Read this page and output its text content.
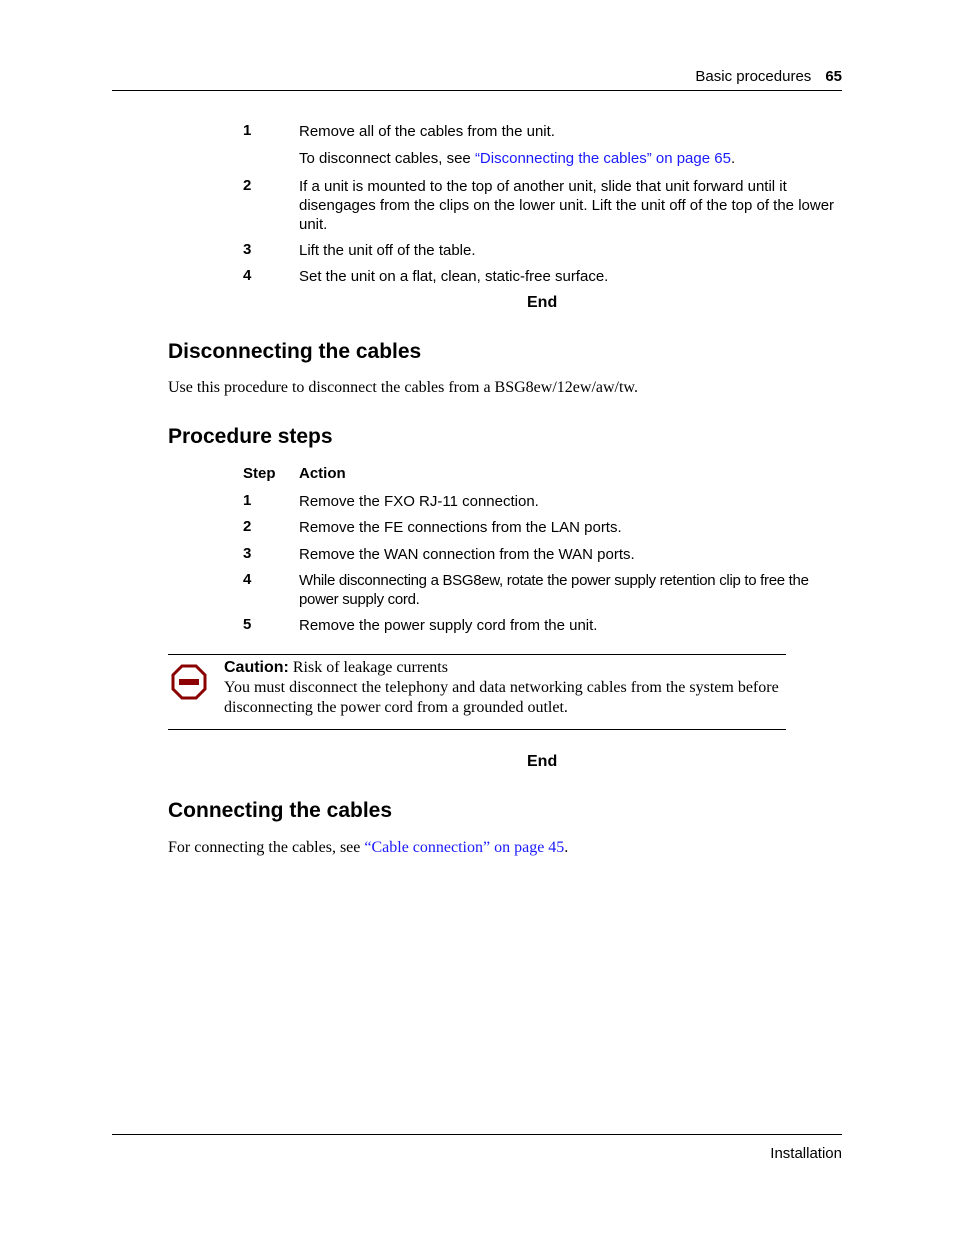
Basic procedures 65
1	Remove all of the cables from the unit.
To disconnect cables, see “Disconnecting the cables” on page 65.
2	If a unit is mounted to the top of another unit, slide that unit forward until it disengages from the clips on the lower unit. Lift the unit off of the top of the lower unit.
3	Lift the unit off of the table.
4	Set the unit on a flat, clean, static-free surface.
End
Disconnecting the cables
Use this procedure to disconnect the cables from a BSG8ew/12ew/aw/tw.
Procedure steps
Step Action
1	Remove the FXO RJ-11 connection.
2	Remove the FE connections from the LAN ports.
3	Remove the WAN connection from the WAN ports.
4	While disconnecting a BSG8ew, rotate the power supply retention clip to free the power supply cord.
5	Remove the power supply cord from the unit.
Caution: Risk of leakage currents
You must disconnect the telephony and data networking cables from the system before disconnecting the power cord from a grounded outlet.
End
Connecting the cables
For connecting the cables, see “Cable connection” on page 45.
Installation
